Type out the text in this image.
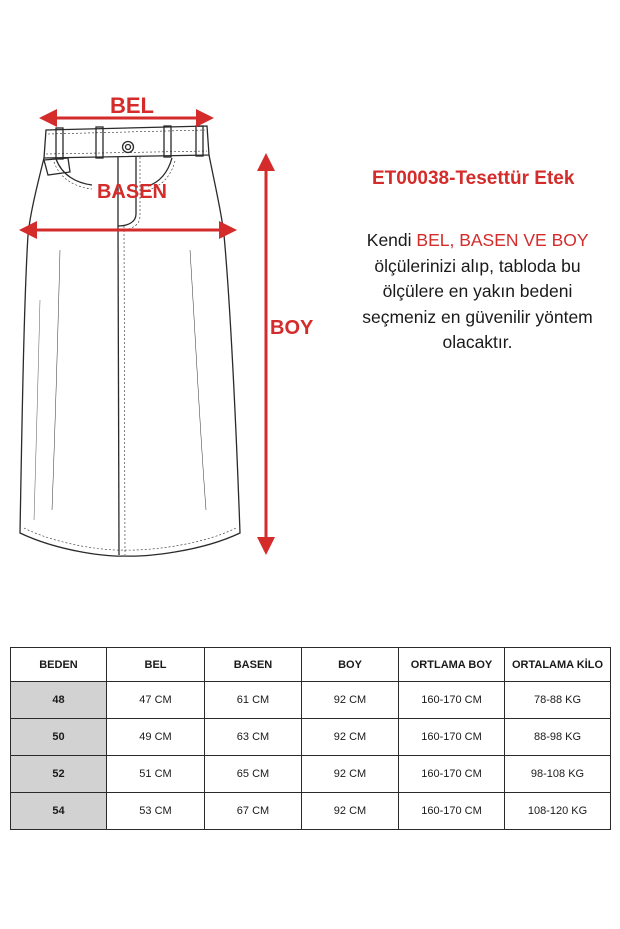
BEL
BASEN
BOY
ET00038-Tesettür Etek
Kendi BEL, BASEN VE BOY ölçülerinizi alıp, tabloda bu ölçülere en yakın bedeni seçmeniz en güvenilir yöntem olacaktır.
BEDEN	BEL	BASEN	BOY	ORTLAMA BOY	ORTALAMA KİLO
48	47 CM	61 CM	92 CM	160-170 CM	78-88 KG
50	49 CM	63 CM	92 CM	160-170 CM	88-98 KG
52	51 CM	65 CM	92 CM	160-170 CM	98-108 KG
54	53 CM	67 CM	92 CM	160-170 CM	108-120 KG
